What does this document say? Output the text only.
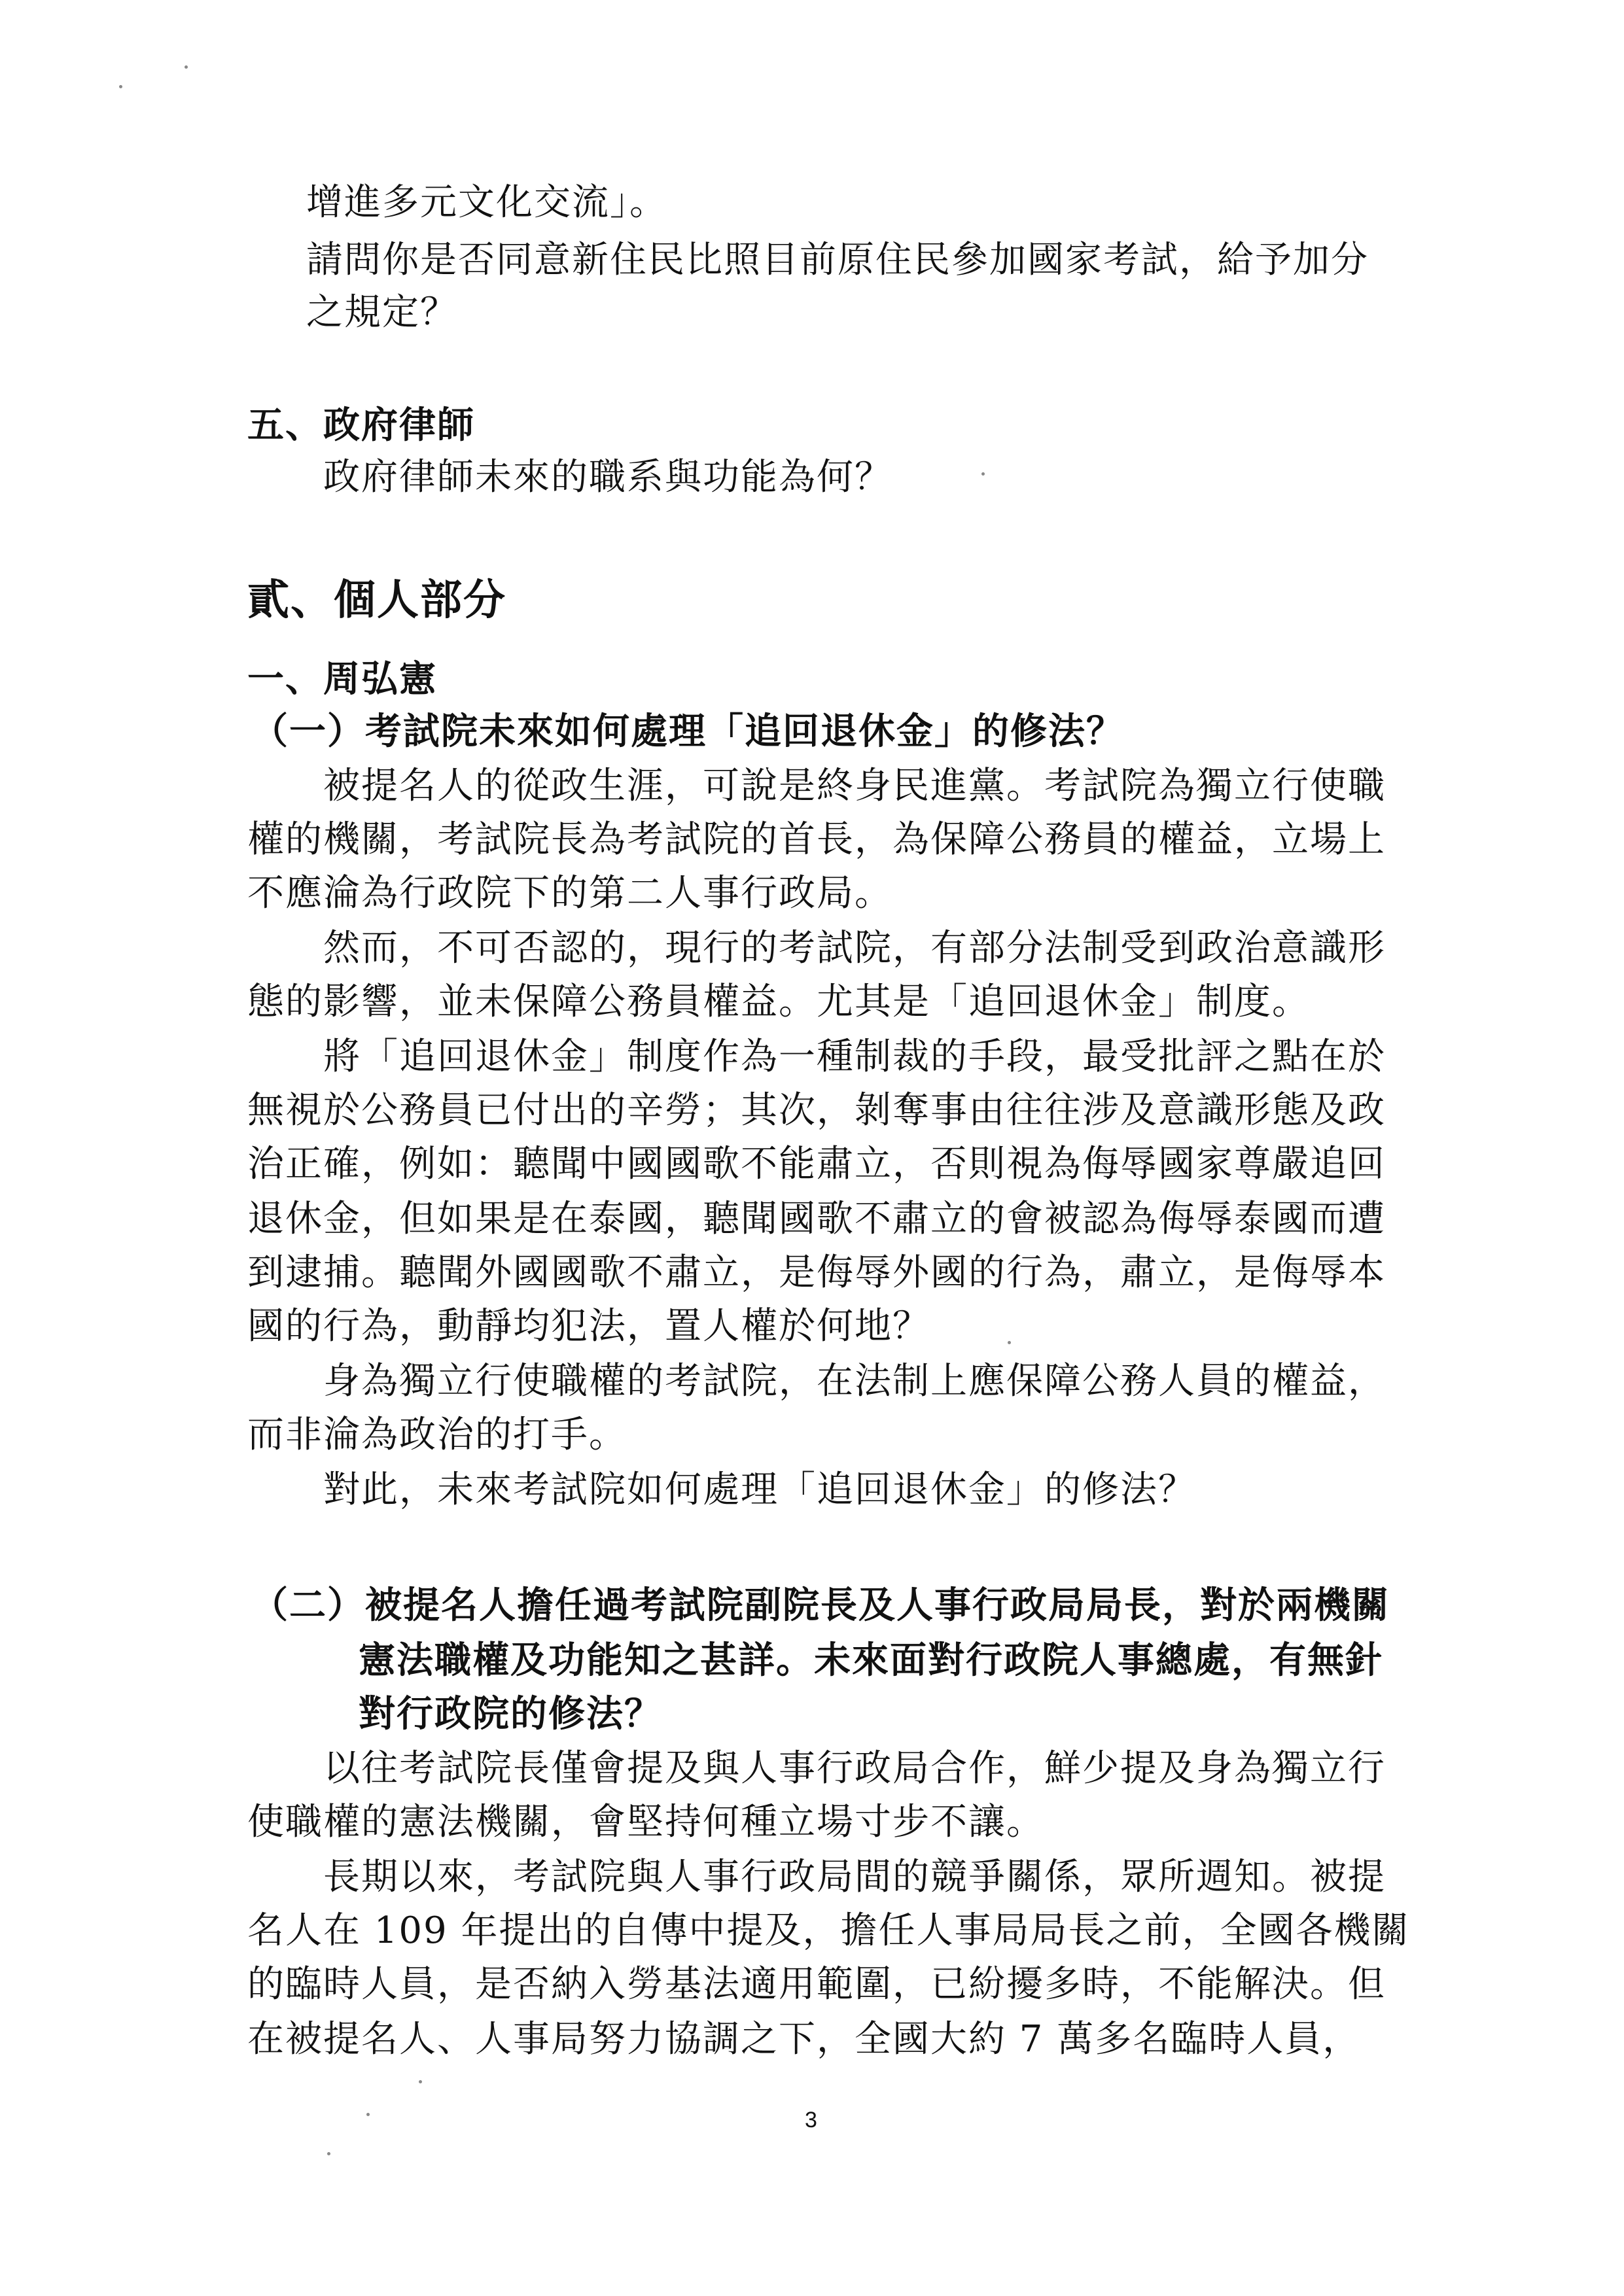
增進多元文化交流」。
請問你是否同意新住民比照目前原住民參加國家考試，給予加分
之規定？
五、政府律師
政府律師未來的職系與功能為何？
貳、個人部分
一、周弘憲
（一）考試院未來如何處理「追回退休金」的修法？
被提名人的從政生涯，可說是終身民進黨。考試院為獨立行使職
權的機關，考試院長為考試院的首長，為保障公務員的權益，立場上
不應淪為行政院下的第二人事行政局。
然而，不可否認的，現行的考試院，有部分法制受到政治意識形
態的影響，並未保障公務員權益。尤其是「追回退休金」制度。
將「追回退休金」制度作為一種制裁的手段，最受批評之點在於
無視於公務員已付出的辛勞；其次，剝奪事由往往涉及意識形態及政
治正確，例如：聽聞中國國歌不能肅立，否則視為侮辱國家尊嚴追回
退休金，但如果是在泰國，聽聞國歌不肅立的會被認為侮辱泰國而遭
到逮捕。聽聞外國國歌不肅立，是侮辱外國的行為，肅立，是侮辱本
國的行為，動靜均犯法，置人權於何地？
身為獨立行使職權的考試院，在法制上應保障公務人員的權益，
而非淪為政治的打手。
對此，未來考試院如何處理「追回退休金」的修法？
（二）被提名人擔任過考試院副院長及人事行政局局長，對於兩機關
憲法職權及功能知之甚詳。未來面對行政院人事總處，有無針
對行政院的修法？
以往考試院長僅會提及與人事行政局合作，鮮少提及身為獨立行
使職權的憲法機關，會堅持何種立場寸步不讓。
長期以來，考試院與人事行政局間的競爭關係，眾所週知。被提
名人在 109 年提出的自傳中提及，擔任人事局局長之前，全國各機關
的臨時人員，是否納入勞基法適用範圍，已紛擾多時，不能解決。但
在被提名人、人事局努力協調之下，全國大約 7 萬多名臨時人員，
3
